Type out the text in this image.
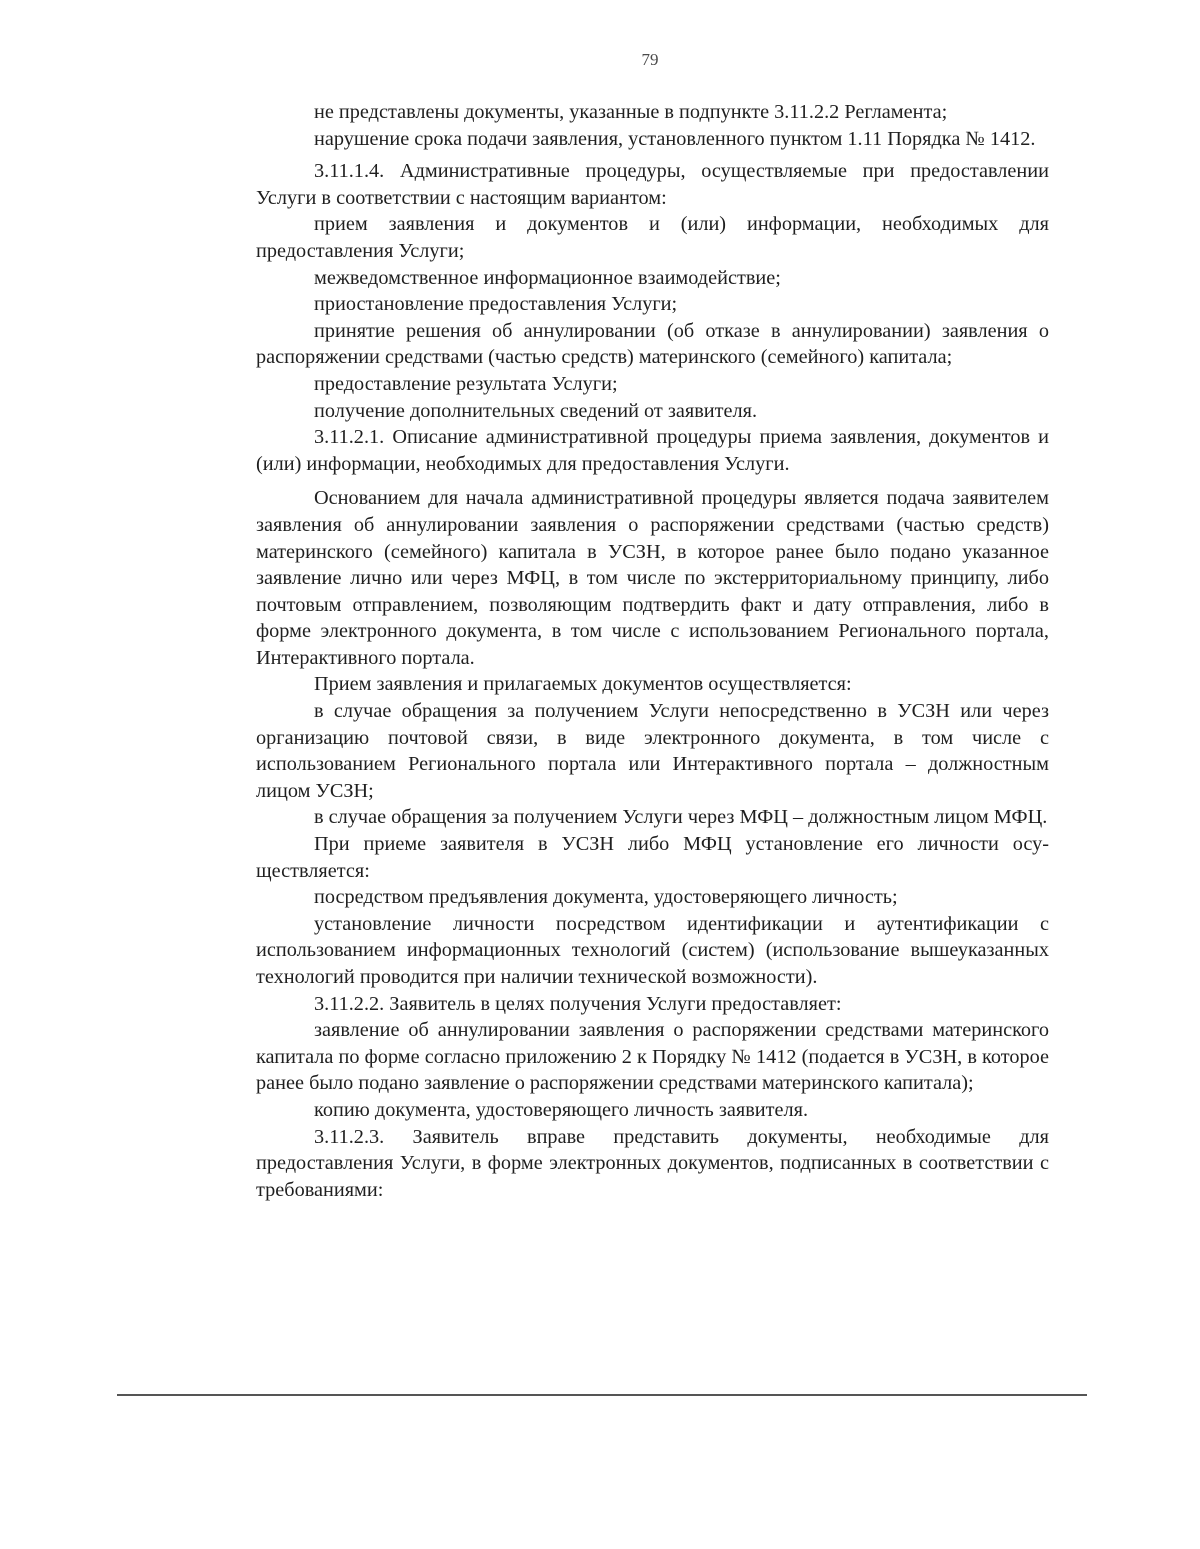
79

не представлены документы, указанные в подпункте 3.11.2.2 Регламента;

нарушение срока подачи заявления, установленного пунктом 1.11 Порядка № 1412.

3.11.1.4. Административные процедуры, осуществляемые при предоставлении Услуги в соответствии с настоящим вариантом:

прием заявления и документов и (или) информации, необходимых для предоставления Услуги;

межведомственное информационное взаимодействие;

приостановление предоставления Услуги;

принятие решения об аннулировании (об отказе в аннулировании) заявления о распоряжении средствами (частью средств) материнского (семейного) капитала;

предоставление результата Услуги;

получение дополнительных сведений от заявителя.

3.11.2.1. Описание административной процедуры приема заявления, документов и (или) информации, необходимых для предоставления Услуги.

Основанием для начала административной процедуры является подача заявителем заявления об аннулировании заявления о распоряжении средствами (частью средств) материнского (семейного) капитала в УСЗН, в которое ранее было подано указанное заявление лично или через МФЦ, в том числе по экстерриториальному принципу, либо почтовым отправлением, позволяющим подтвердить факт и дату отправления, либо в форме электронного документа, в том числе с использованием Регионального портала, Интерактивного портала.

Прием заявления и прилагаемых документов осуществляется:

в случае обращения за получением Услуги непосредственно в УСЗН или через организацию почтовой связи, в виде электронного документа, в том числе с использованием Регионального портала или Интерактивного портала – должностным лицом УСЗН;

в случае обращения за получением Услуги через МФЦ – должностным лицом МФЦ.

При приеме заявителя в УСЗН либо МФЦ установление его личности осуществляется:

посредством предъявления документа, удостоверяющего личность;

установление личности посредством идентификации и аутентификации с использованием информационных технологий (систем) (использование вышеуказанных технологий проводится при наличии технической возможности).

3.11.2.2. Заявитель в целях получения Услуги предоставляет:

заявление об аннулировании заявления о распоряжении средствами материнского капитала по форме согласно приложению 2 к Порядку № 1412 (подается в УСЗН, в которое ранее было подано заявление о распоряжении средствами материнского капитала);

копию документа, удостоверяющего личность заявителя.

3.11.2.3. Заявитель вправе представить документы, необходимые для предоставления Услуги, в форме электронных документов, подписанных в соответствии с требованиями:
